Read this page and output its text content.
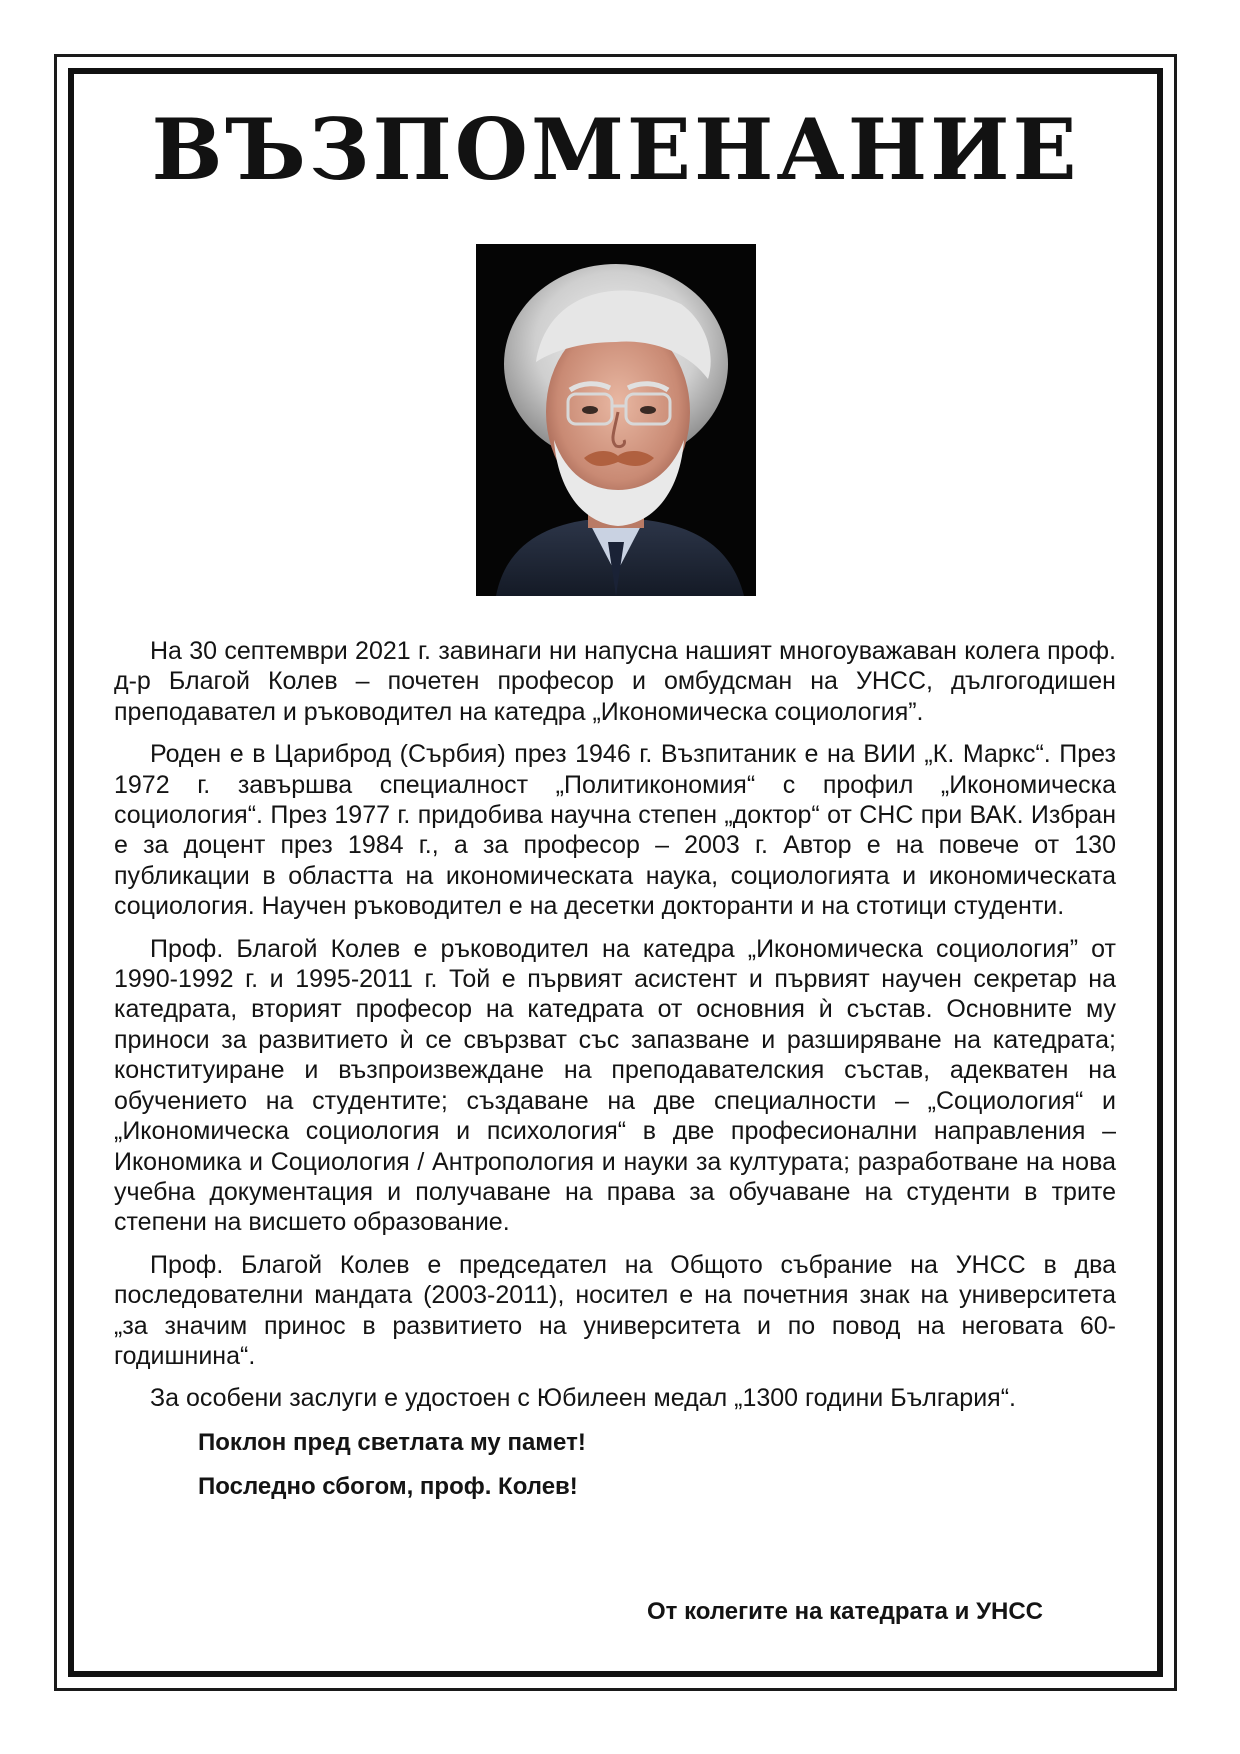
ВЪЗПОМЕНАНИЕ

На 30 септември 2021 г. завинаги ни напусна нашият многоуважаван колега проф. д-р Благой Колев – почетен професор и омбудсман на УНСС, дългогодишен преподавател и ръководител на катедра „Икономическа социология”.

Роден е в Цариброд (Сърбия) през 1946 г. Възпитаник е на ВИИ „К. Маркс“. През 1972 г. завършва специалност „Политикономия“ с профил „Икономическа социология“. През 1977 г. придобива научна степен „доктор“ от СНС при ВАК. Избран е за доцент през 1984 г., а за професор – 2003 г. Автор е на повече от 130 публикации в областта на икономическата наука, социологията и икономическата социология. Научен ръководител е на десетки докторанти и на стотици студенти.

Проф. Благой Колев е ръководител на катедра „Икономическа социология” от 1990-1992 г. и 1995-2011 г. Той е първият асистент и първият научен секретар на катедрата, вторият професор на катедрата от основния ѝ състав. Основните му приноси за развитието ѝ се свързват със запазване и разширяване на катедрата; конституиране и възпроизвеждане на преподавателския състав, адекватен на обучението на студентите; създаване на две специалности – „Социология“ и „Икономическа социология и психология“ в две професионални направления – Икономика и Социология / Антропология и науки за културата; разработване на нова учебна документация и получаване на права за обучаване на студенти в трите степени на висшето образование.

Проф. Благой Колев е председател на Общото събрание на УНСС в два последователни мандата (2003-2011), носител е на почетния знак на университета „за значим принос в развитието на университета и по повод на неговата 60-годишнина“.

За особени заслуги е удостоен с Юбилеен медал „1300 години България“.

Поклон пред светлата му памет!
Последно сбогом, проф. Колев!
От колегите на катедрата и УНСС
